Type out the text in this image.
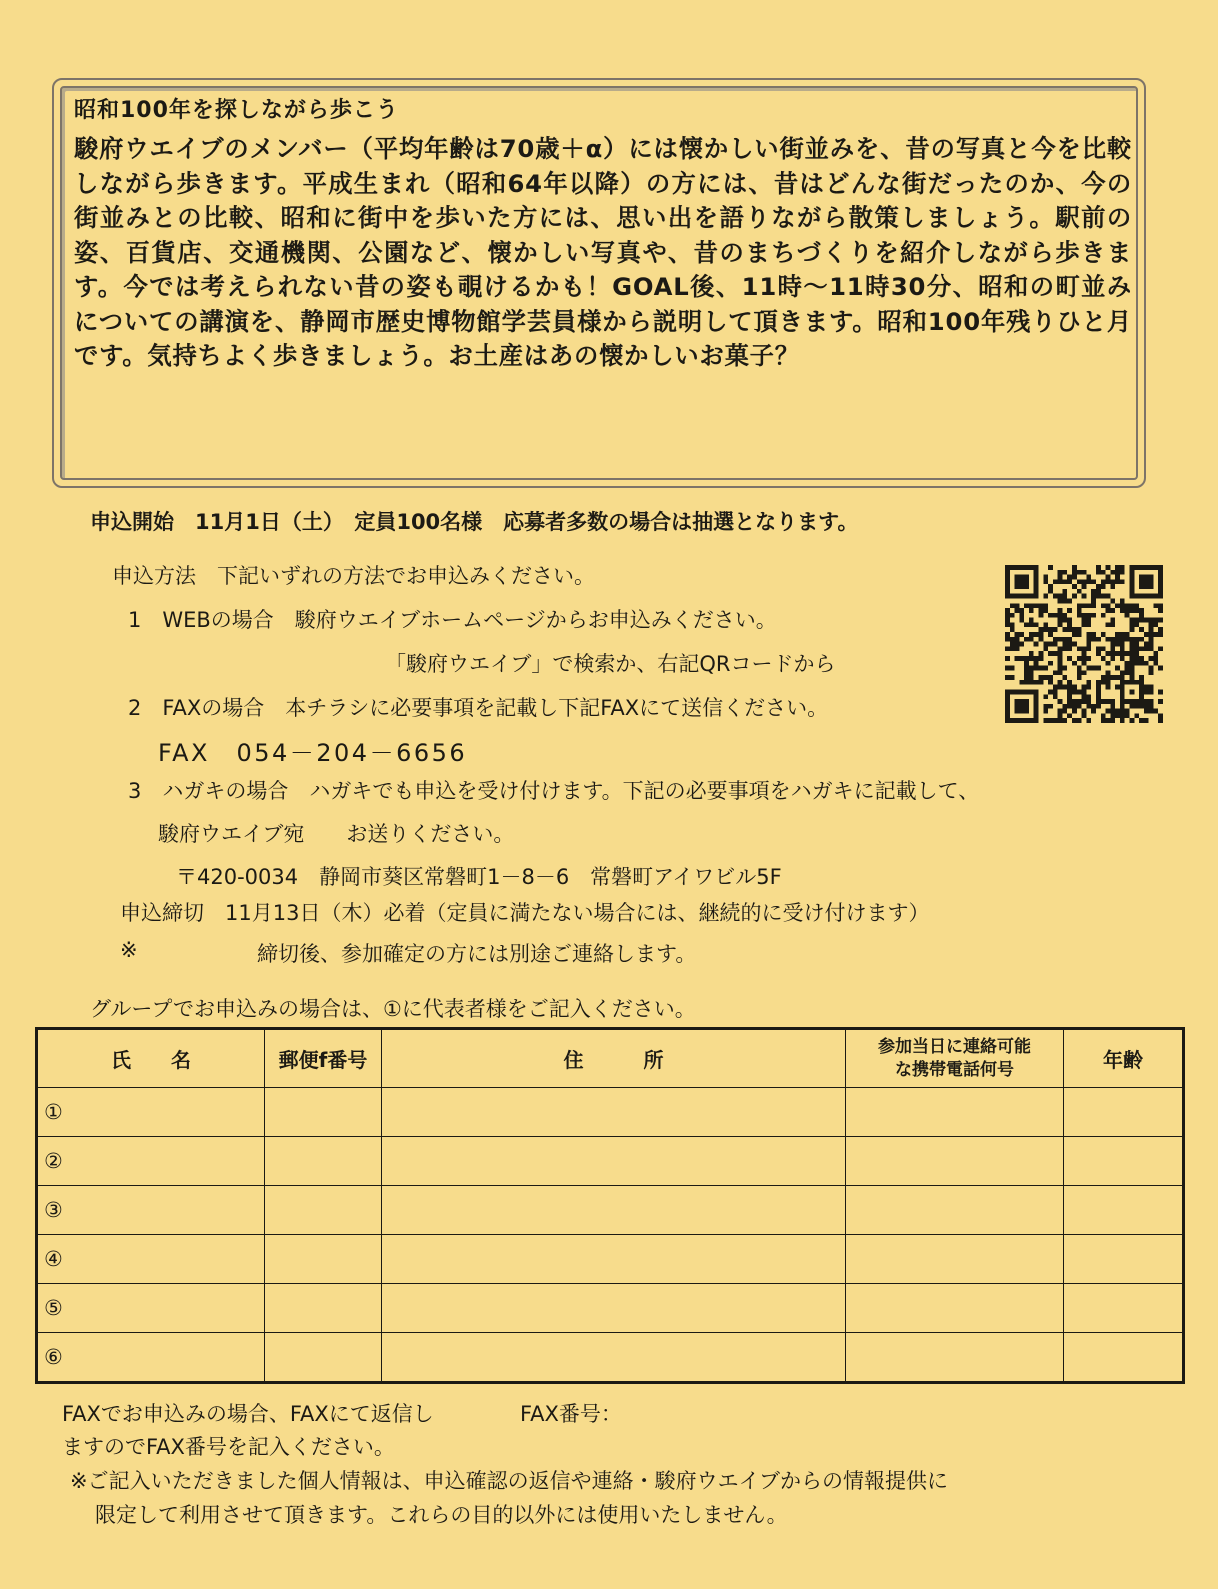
昭和100年を探しながら歩こう
駿府ウエイブのメンバー（平均年齢は70歳＋α）には懐かしい街並みを、昔の写真と今を比較しながら歩きます。平成生まれ（昭和64年以降）の方には、昔はどんな街だったのか、今の街並みとの比較、昭和に街中を歩いた方には、思い出を語りながら散策しましょう。駅前の姿、百貨店、交通機関、公園など、懐かしい写真や、昔のまちづくりを紹介しながら歩きます。今では考えられない昔の姿も覗けるかも！GOAL後、11時～11時30分、昭和の町並みについての講演を、静岡市歴史博物館学芸員様から説明して頂きます。昭和100年残りひと月です。気持ちよく歩きましょう。お土産はあの懐かしいお菓子？
申込開始　11月1日（土）　定員100名様　応募者多数の場合は抽選となります。
申込方法　下記いずれの方法でお申込みください。
1　WEBの場合　駿府ウエイブホームページからお申込みください。
「駿府ウエイブ」で検索か、右記QRコードから
2　FAXの場合　本チラシに必要事項を記載し下記FAXにて送信ください。
FAX　054－204－6656
3　ハガキの場合　ハガキでも申込を受け付けます。下記の必要事項をハガキに記載して、
駿府ウエイブ宛　　お送りください。
〒420-0034　静岡市葵区常磐町1－8－6　常磐町アイワビル5F
申込締切　11月13日（木）必着（定員に満たない場合には、継続的に受け付けます）
※	締切後、参加確定の方には別途ご連絡します。
グループでお申込みの場合は、①に代表者様をご記入ください。
氏　　名	郵便f番号	住　　　所	参加当日に連絡可能
な携帯電話何号	年齢
①				
②				
③				
④				
⑤				
⑥				
FAXでお申込みの場合、FAXにて返信し	FAX番号：
ますのでFAX番号を記入ください。
※ご記入いただきました個人情報は、申込確認の返信や連絡・駿府ウエイブからの情報提供に
限定して利用させて頂きます。これらの目的以外には使用いたしません。
